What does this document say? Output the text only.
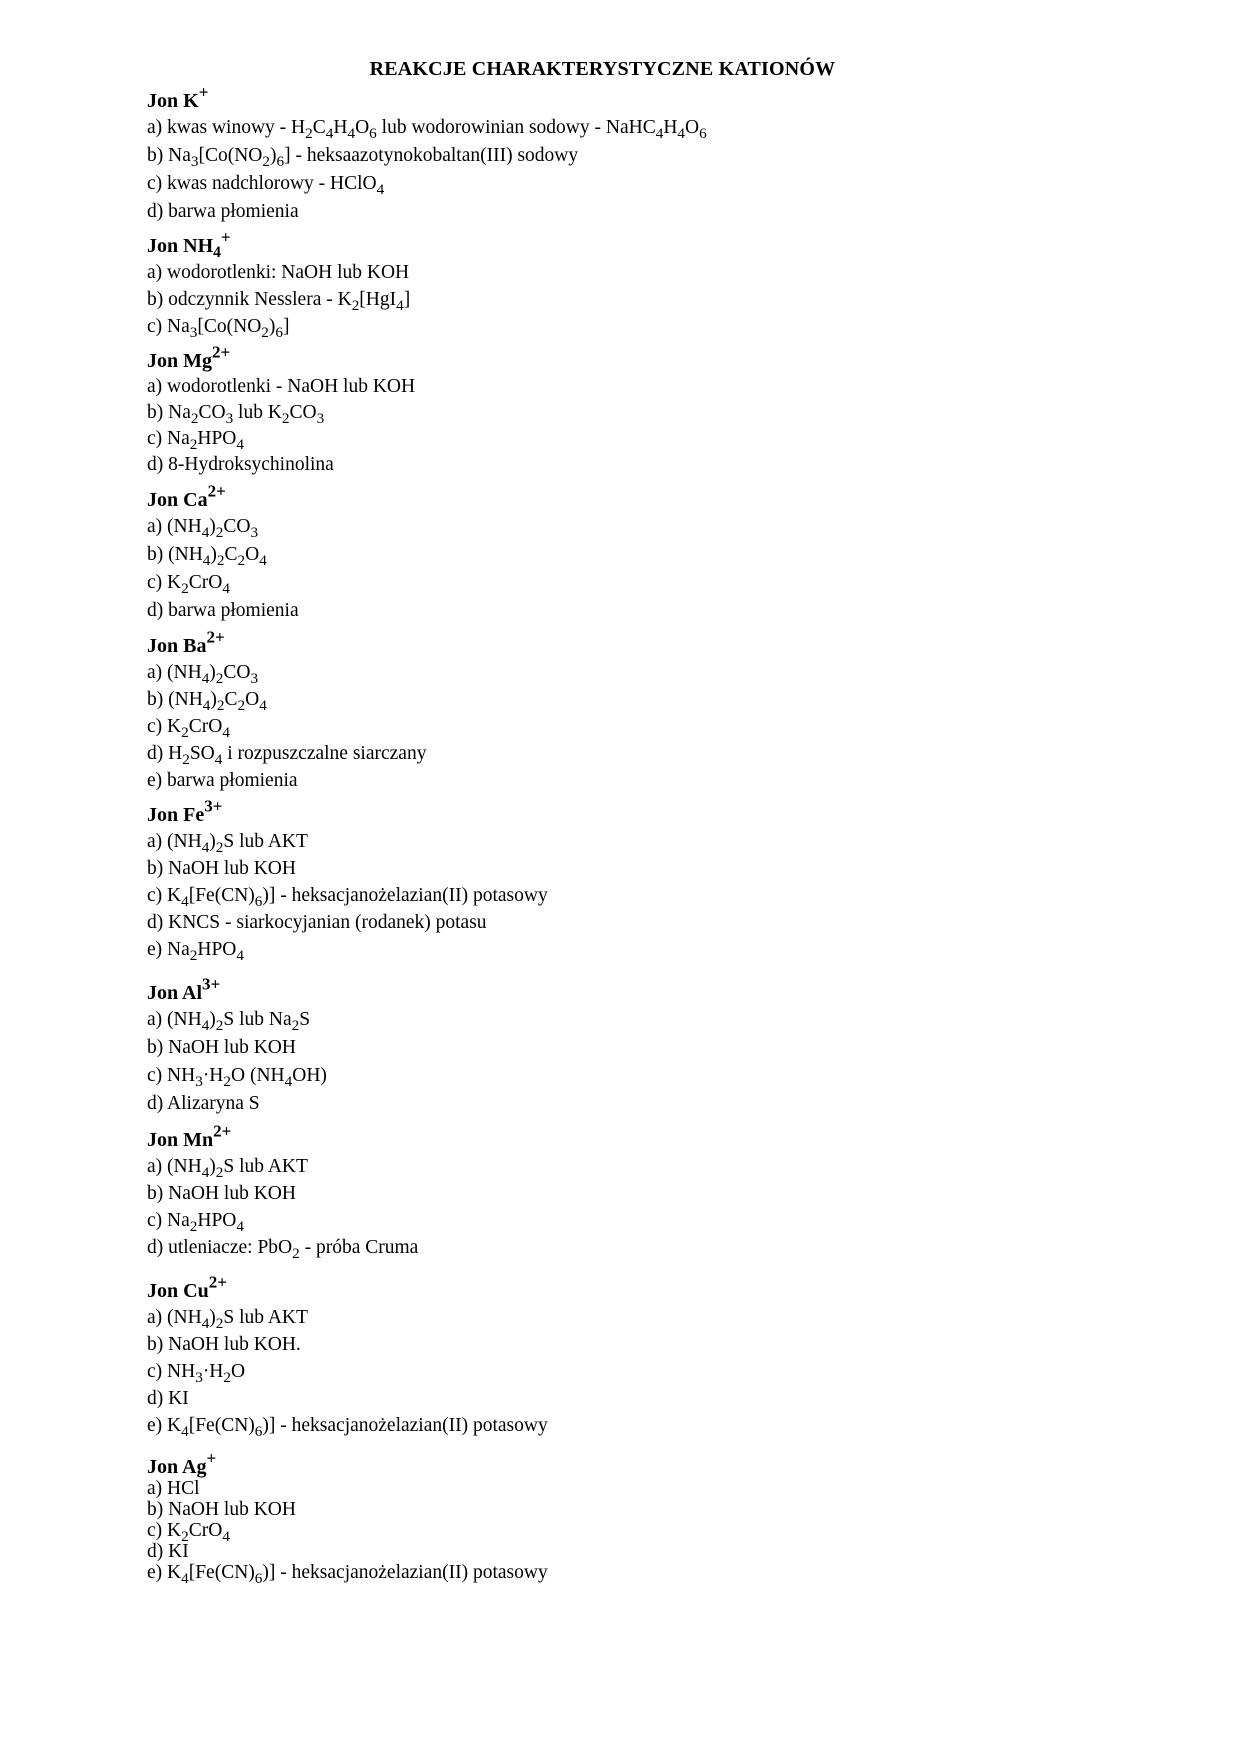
REAKCJE CHARAKTERYSTYCZNE KATIONÓW
Jon K+
a) kwas winowy - $H_2C_4H_4O_6$ lub wodorowinian sodowy - $NaHC_4H_4O_6$
b) $Na_3[Co(NO_2)_6]$ - heksaazotynokobaltan(III) sodowy
c) kwas nadchlorowy - HClO$_4$
d) barwa płomienia
Jon $NH_4^+$
a) wodorotlenki: NaOH lub KOH
b) odczynnik Nesslera - $K_2[HgI_4]$
c) $Na_3[Co(NO_2)_6]$
Jon $Mg^{2+}$
a) wodorotlenki - NaOH lub KOH
b) $Na_2CO_3$ lub $K_2CO_3$
c) $Na_2HPO_4$
d) 8-Hydroksychinolina
Jon $Ca^{2+}$
a) $(NH_4)_2CO_3$
b) $(NH_4)_2C_2O_4$
c) $K_2CrO_4$
d) barwa płomienia
Jon $Ba^{2+}$
a) $(NH_4)_2CO_3$
b) $(NH_4)_2C_2O_4$
c) $K_2CrO_4$
d) $H_2SO_4$ i rozpuszczalne siarczany
e) barwa płomienia
Jon $Fe^{3+}$
a) $(NH_4)_2S$ lub AKT
b) NaOH lub KOH
c) $K_4[Fe(CN)_6)$] - heksacjanożelazian(II) potasowy
d) KNCS - siarkocyjanian (rodanek) potasu
e) $Na_2HPO_4$
Jon $Al^{3+}$
a) $(NH_4)_2S$ lub $Na_2S$
b) NaOH lub KOH
c) $NH_3\cdot H_2O$ $(NH_4OH)$
d) Alizaryna S
Jon $Mn^{2+}$
a) $(NH_4)_2S$ lub AKT
b) NaOH lub KOH
c) $Na_2HPO_4$
d) utleniacze: PbO$_2$ - próba Cruma
Jon $Cu^{2+}$
a) $(NH_4)_2S$ lub AKT
b) NaOH lub KOH.
c) $NH_3\cdot H_2O$
d) KI
e) $K_4[Fe(CN)_6)$] - heksacjanożelazian(II) potasowy
Jon Ag+
a) HCl
b) NaOH lub KOH
c) $K_2CrO_4$
d) KI
e) $K_4[Fe(CN)_6)$] - heksacjanożelazian(II) potasowy
